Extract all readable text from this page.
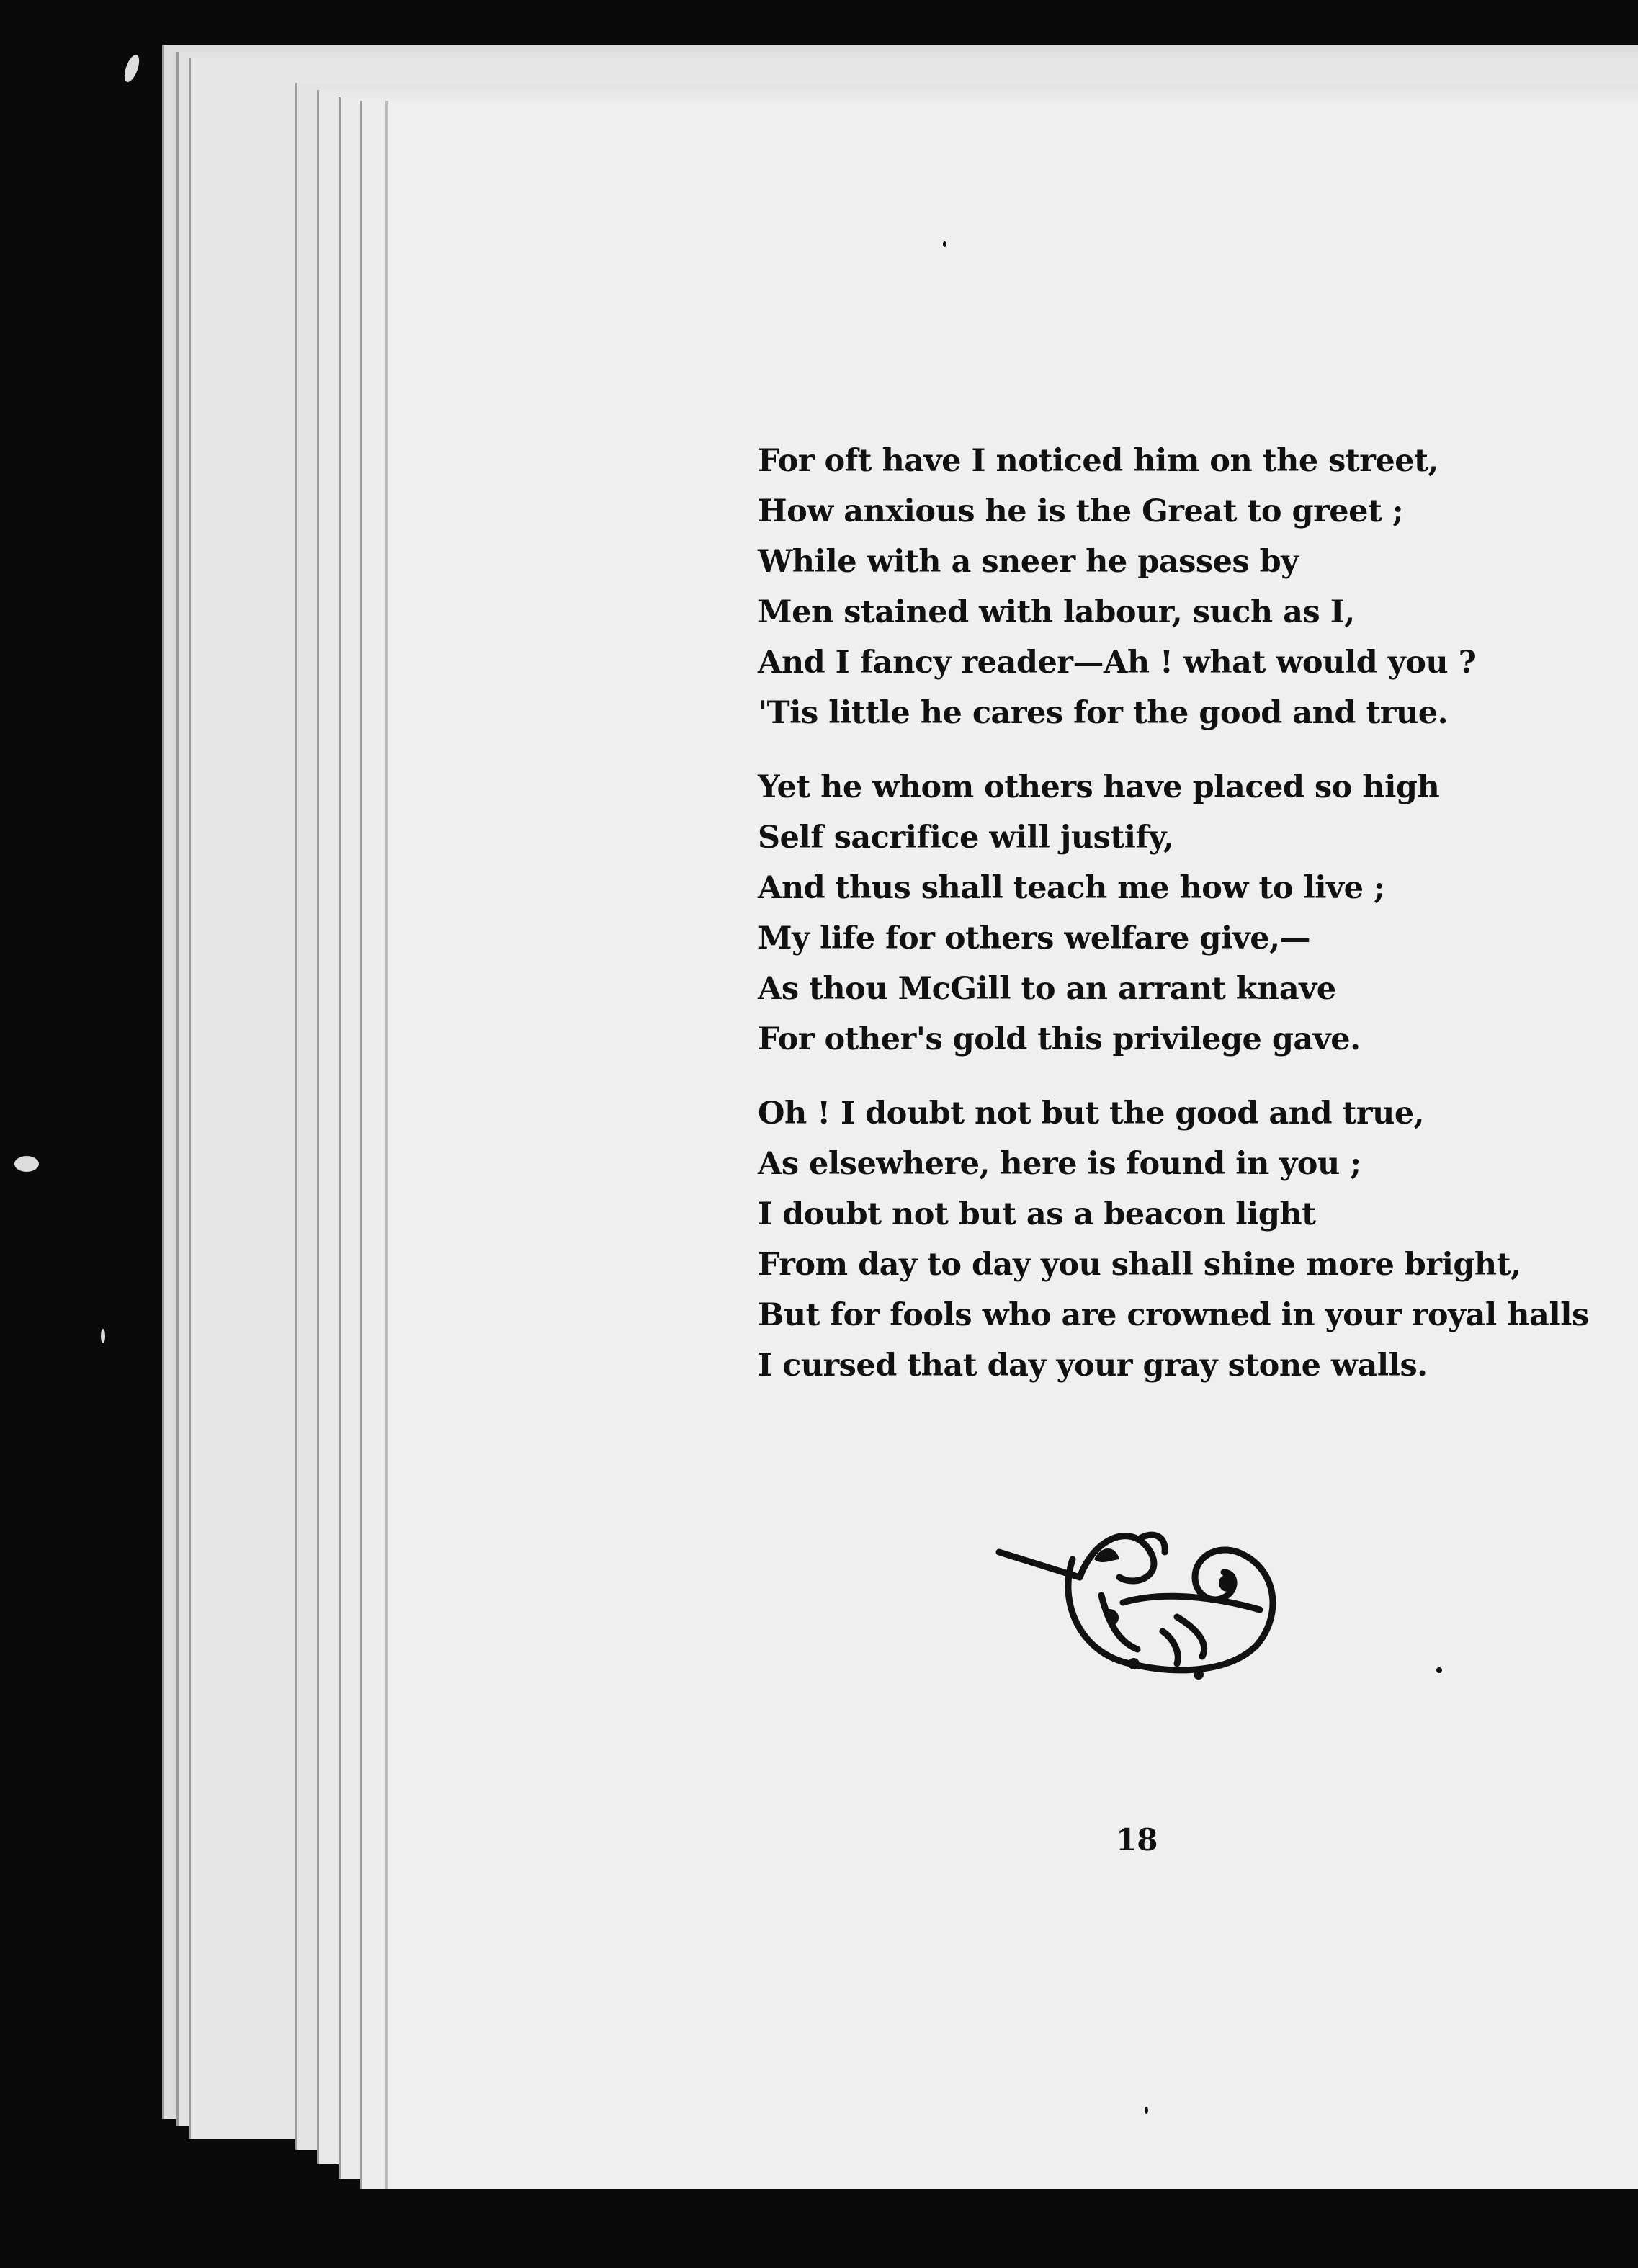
For oft have I noticed him on the street,
How anxious he is the Great to greet ;
While with a sneer he passes by
Men stained with labour, such as I,
And I fancy reader—Ah ! what would you ?
'Tis little he cares for the good and true.
Yet he whom others have placed so high
Self sacrifice will justify,
And thus shall teach me how to live ;
My life for others welfare give,—
As thou McGill to an arrant knave
For other's gold this privilege gave.
Oh ! I doubt not but the good and true,
As elsewhere, here is found in you ;
I doubt not but as a beacon light
From day to day you shall shine more bright,
But for fools who are crowned in your royal halls
I cursed that day your gray stone walls.
18
